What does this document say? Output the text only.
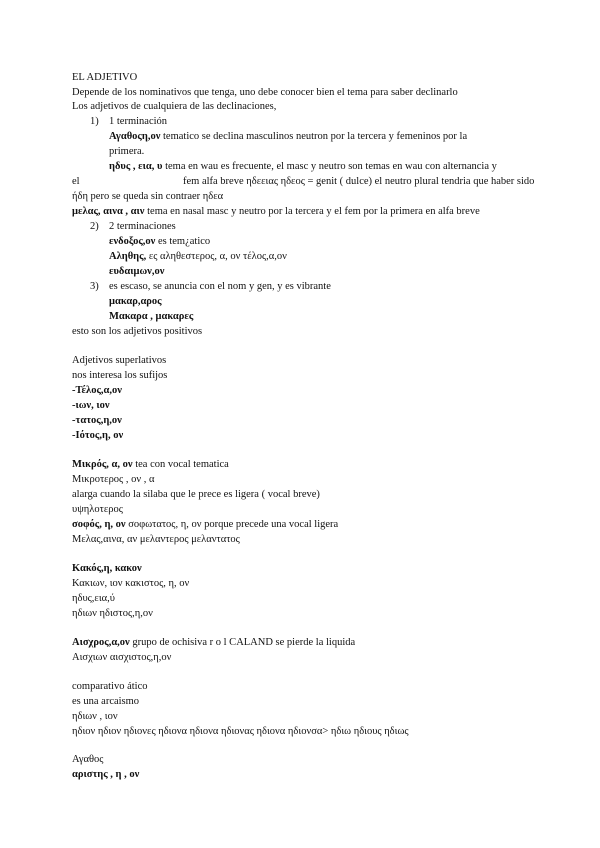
EL ADJETIVO
Depende de los nominativos que tenga, uno debe conocer bien el tema para saber declinarlo
Los adjetivos de cualquiera de las declinaciones,
1) 1 terminación
Αγαθοςη,ον tematico se declina masculinos neutron por la tercera y femeninos por la
primera.
ηδυς , εια, υ tema en wau es frecuente, el masc y neutro son temas en wau con alternancia y
el	fem alfa breve ηδεειας ηδεος = genit ( dulce) el neutro plural tendria que haber sido
ήδη pero se queda sin contraer ηδεα
μελας, αινα , αιν tema en nasal masc y neutro por la tercera y el fem por la primera en alfa breve
2) 2 terminaciones
ενδοξος,ον es tem¿atico
Αληθης, ες αληθεστερος, α, ον τέλος,α,ον
ευδαιμων,ον
3) es escaso, se anuncia con el nom y gen, y es vibrante
μακαρ,αρος
Μακαρα , μακαρες
esto son los adjetivos positivos
Adjetivos superlativos
nos interesa los sufijos
-Τέλος,α,ον
-ιων, ιον
-τατος,η,ον
-Ιότος,η, ον
Μικρός, α, ον tea con vocal tematica
Μικροτερος , ον , α
alarga cuando la silaba que le prece es ligera ( vocal breve)
υψηλοτερος
σοφός, η, ον σοφωτατος, η, ον porque precede una vocal ligera
Μελας,αινα, αν μελαντερος μελαντατος
Κακός,η, κακον
Κακιων, ιον κακιστος, η, ον
ηδυς,εια,ύ
ηδιων ηδιστος,η,ον
Αισχρος,α,ον grupo de ochisiva r o l CALAND se pierde la liquida
Αισχιων αισχιστος,η,ον
comparativo ático
es una arcaismo
ηδιων , ιον
ηδιον ηδιον ηδιονες ηδιονα ηδιονα ηδιονας ηδιονα ηδιονσα> ηδιω ηδιους ηδιως
Αγαθος
αριστης , η , ον
